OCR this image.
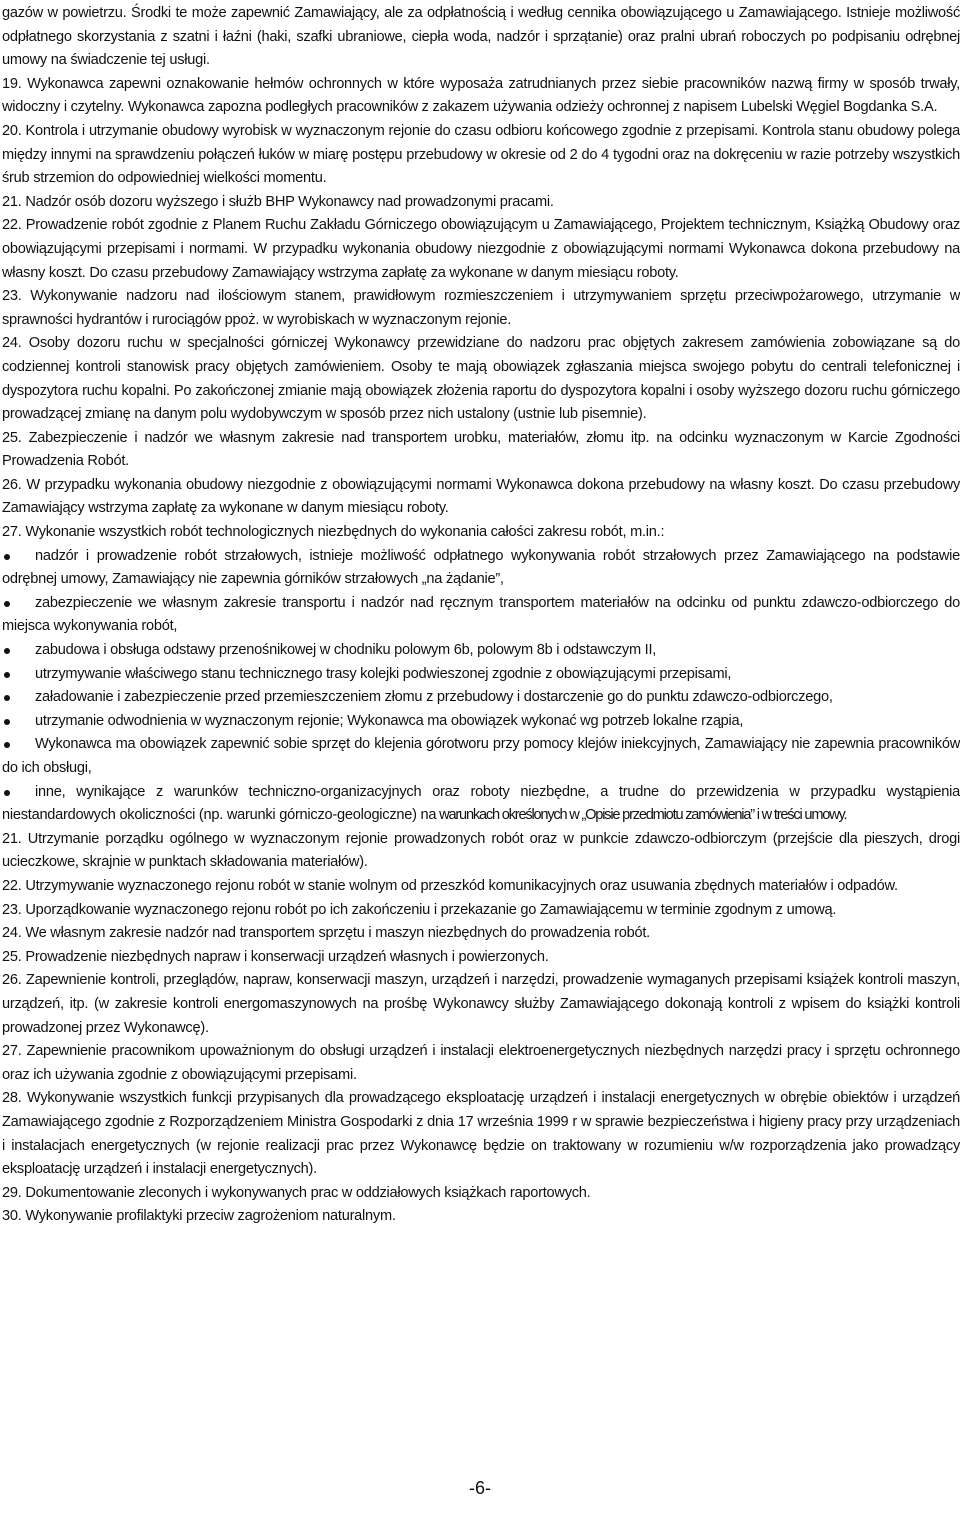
gazów w powietrzu. Środki te może zapewnić Zamawiający, ale za odpłatnością i według cennika obowiązującego u Zamawiającego. Istnieje możliwość odpłatnego skorzystania z szatni i łaźni (haki, szafki ubraniowe, ciepła woda, nadzór i sprzątanie) oraz pralni ubrań roboczych po podpisaniu odrębnej umowy na świadczenie tej usługi.

19. Wykonawca zapewni oznakowanie hełmów ochronnych w które wyposaża zatrudnianych przez siebie pracowników nazwą firmy w sposób trwały, widoczny i czytelny. Wykonawca zapozna podległych pracowników z zakazem używania odzieży ochronnej z napisem Lubelski Węgiel Bogdanka S.A.

20. Kontrola i utrzymanie obudowy wyrobisk w wyznaczonym rejonie do czasu odbioru końcowego zgodnie z przepisami. Kontrola stanu obudowy polega między innymi na sprawdzeniu połączeń łuków w miarę postępu przebudowy w okresie od 2 do 4 tygodni oraz na dokręceniu w razie potrzeby wszystkich śrub strzemion do odpowiedniej wielkości momentu.

21. Nadzór osób dozoru wyższego i służb BHP Wykonawcy nad prowadzonymi pracami.

22. Prowadzenie robót zgodnie z Planem Ruchu Zakładu Górniczego obowiązującym u Zamawiającego, Projektem technicznym, Książką Obudowy oraz obowiązującymi przepisami i normami. W przypadku wykonania obudowy niezgodnie z obowiązującymi normami Wykonawca dokona przebudowy na własny koszt. Do czasu przebudowy Zamawiający wstrzyma zapłatę za wykonane w danym miesiącu roboty.

23. Wykonywanie nadzoru nad ilościowym stanem, prawidłowym rozmieszczeniem i utrzymywaniem sprzętu przeciwpożarowego, utrzymanie w sprawności hydrantów i rurociągów ppoż. w wyrobiskach w wyznaczonym rejonie.

24. Osoby dozoru ruchu w specjalności górniczej Wykonawcy przewidziane do nadzoru prac objętych zakresem zamówienia zobowiązane są do codziennej kontroli stanowisk pracy objętych zamówieniem. Osoby te mają obowiązek zgłaszania miejsca swojego pobytu do centrali telefonicznej i dyspozytora ruchu kopalni. Po zakończonej zmianie mają obowiązek złożenia raportu do dyspozytora kopalni i osoby wyższego dozoru ruchu górniczego prowadzącej zmianę na danym polu wydobywczym w sposób przez nich ustalony (ustnie lub pisemnie).

25. Zabezpieczenie i nadzór we własnym zakresie nad transportem urobku, materiałów, złomu itp. na odcinku wyznaczonym w Karcie Zgodności Prowadzenia Robót.

26. W przypadku wykonania obudowy niezgodnie z obowiązującymi normami Wykonawca dokona przebudowy na własny koszt. Do czasu przebudowy Zamawiający wstrzyma zapłatę za wykonane w danym miesiącu roboty.

27. Wykonanie wszystkich robót technologicznych niezbędnych do wykonania całości zakresu robót, m.in.:

nadzór i prowadzenie robót strzałowych, istnieje możliwość odpłatnego wykonywania robót strzałowych przez Zamawiającego na podstawie odrębnej umowy, Zamawiający nie zapewnia górników strzałowych „na żądanie”,
zabezpieczenie we własnym zakresie transportu i nadzór nad ręcznym transportem materiałów na odcinku od punktu zdawczo-odbiorczego do miejsca wykonywania robót,
zabudowa i obsługa odstawy przenośnikowej w chodniku polowym 6b, polowym 8b i odstawczym II,
utrzymywanie właściwego stanu technicznego trasy kolejki podwieszonej zgodnie z obowiązującymi przepisami,
załadowanie i zabezpieczenie przed przemieszczeniem złomu z przebudowy i dostarczenie go do punktu zdawczo-odbiorczego,
utrzymanie odwodnienia w wyznaczonym rejonie; Wykonawca ma obowiązek wykonać wg potrzeb lokalne rząpia,
Wykonawca ma obowiązek zapewnić sobie sprzęt do klejenia górotworu przy pomocy klejów iniekcyjnych, Zamawiający nie zapewnia pracowników do ich obsługi,
inne, wynikające z warunków techniczno-organizacyjnych oraz roboty niezbędne, a trudne do przewidzenia w przypadku wystąpienia niestandardowych okoliczności (np. warunki górniczo-geologiczne) na warunkach określonych w „Opisie przedmiotu zamówienia” i w treści umowy.

21. Utrzymanie porządku ogólnego w wyznaczonym rejonie prowadzonych robót oraz w punkcie zdawczo-odbiorczym (przejście dla pieszych, drogi ucieczkowe, skrajnie w punktach składowania materiałów).

22. Utrzymywanie wyznaczonego rejonu robót w stanie wolnym od przeszkód komunikacyjnych oraz usuwania zbędnych materiałów i odpadów.

23. Uporządkowanie wyznaczonego rejonu robót po ich zakończeniu i przekazanie go Zamawiającemu w terminie zgodnym z umową.

24. We własnym zakresie nadzór nad transportem sprzętu i maszyn niezbędnych do prowadzenia robót.

25. Prowadzenie niezbędnych napraw i konserwacji urządzeń własnych i powierzonych.

26. Zapewnienie kontroli, przeglądów, napraw, konserwacji maszyn, urządzeń i narzędzi, prowadzenie wymaganych przepisami książek kontroli maszyn, urządzeń, itp. (w zakresie kontroli energomaszynowych na prośbę Wykonawcy służby Zamawiającego dokonają kontroli z wpisem do książki kontroli prowadzonej przez Wykonawcę).

27. Zapewnienie pracownikom upoważnionym do obsługi urządzeń i instalacji elektroenergetycznych niezbędnych narzędzi pracy i sprzętu ochronnego oraz ich używania zgodnie z obowiązującymi przepisami.

28. Wykonywanie wszystkich funkcji przypisanych dla prowadzącego eksploatację urządzeń i instalacji energetycznych w obrębie obiektów i urządzeń Zamawiającego zgodnie z Rozporządzeniem Ministra Gospodarki z dnia 17 września 1999 r w sprawie bezpieczeństwa i higieny pracy przy urządzeniach i instalacjach energetycznych (w rejonie realizacji prac przez Wykonawcę będzie on traktowany w rozumieniu w/w rozporządzenia jako prowadzący eksploatację urządzeń i instalacji energetycznych).

29. Dokumentowanie zleconych i wykonywanych prac w oddziałowych książkach raportowych.

30. Wykonywanie profilaktyki przeciw zagrożeniom naturalnym.

-6-
